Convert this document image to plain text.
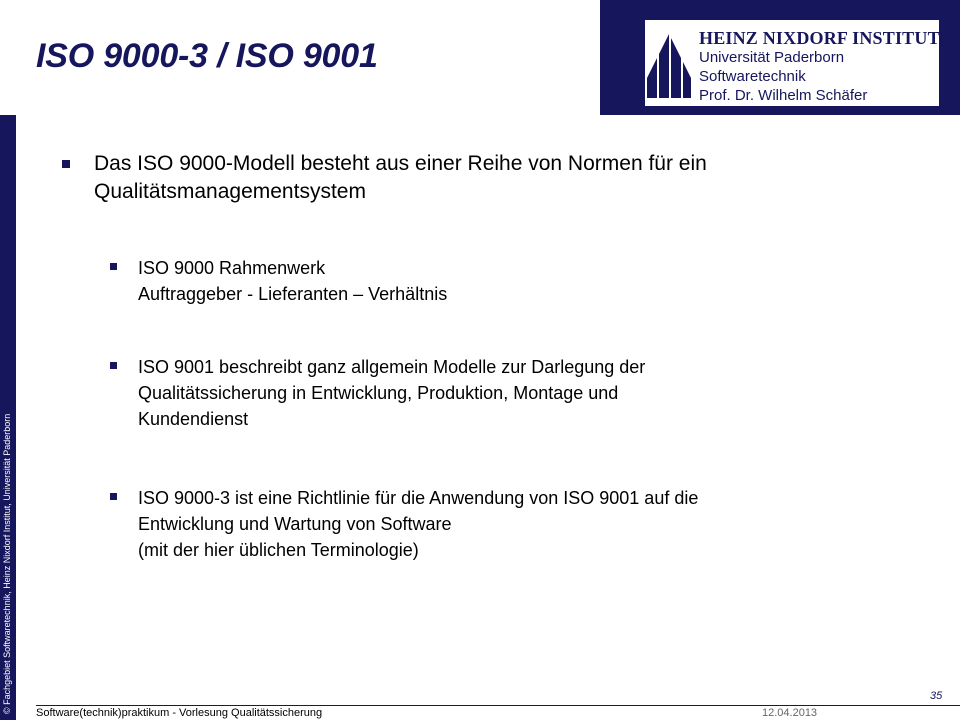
© Fachgebiet Softwaretechnik, Heinz Nixdorf Institut, Universität Paderborn
HEINZ NIXDORF INSTITUT
Universität Paderborn
Softwaretechnik
Prof. Dr. Wilhelm Schäfer
ISO 9000-3 / ISO 9001
Das ISO 9000-Modell besteht aus einer Reihe von Normen für ein
Qualitätsmanagementsystem
ISO 9000 Rahmenwerk
Auftraggeber - Lieferanten – Verhältnis
ISO 9001 beschreibt ganz allgemein Modelle zur Darlegung der
Qualitätssicherung in Entwicklung, Produktion, Montage und
Kundendienst
ISO 9000-3 ist eine Richtlinie für die Anwendung von ISO 9001 auf die
Entwicklung und Wartung von Software
(mit der hier üblichen Terminologie)
Software(technik)praktikum - Vorlesung Qualitätssicherung	12.04.2013
35
